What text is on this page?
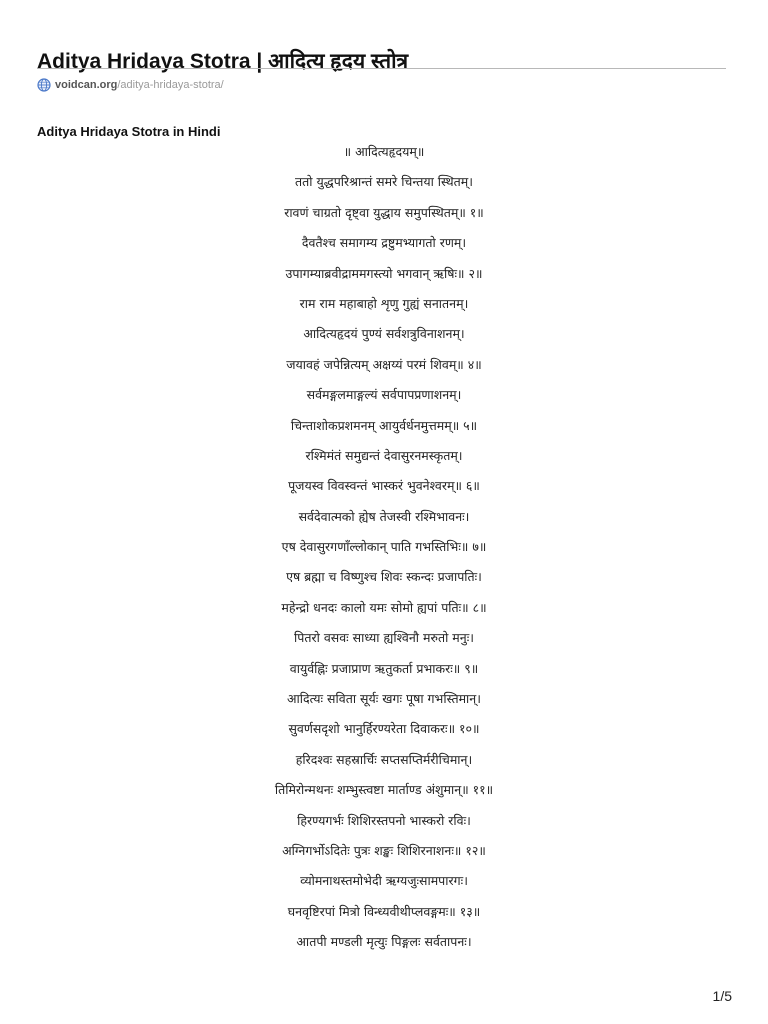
Aditya Hridaya Stotra | आदित्य हृदय स्तोत्र
voidcan.org /aditya-hridaya-stotra/
Aditya Hridaya Stotra in Hindi
॥ आदित्यहृदयम्॥
ततो युद्धपरिश्रान्तं समरे चिन्तया स्थितम्।
रावणं चाग्रतो दृष्ट्वा युद्धाय समुपस्थितम्॥ १॥
दैवतैश्च समागम्य द्रष्टुमभ्यागतो रणम्।
उपागम्याब्रवीद्राममगस्त्यो भगवान् ऋषिः॥ २॥
राम राम महाबाहो शृणु गुह्यं सनातनम्।
आदित्यहृदयं पुण्यं सर्वशत्रुविनाशनम्।
जयावहं जपेन्नित्यम् अक्षय्यं परमं शिवम्॥ ४॥
सर्वमङ्गलमाङ्गल्यं सर्वपापप्रणाशनम्।
चिन्ताशोकप्रशमनम् आयुर्वर्धनमुत्तमम्॥ ५॥
रश्मिमंतं समुद्यन्तं देवासुरनमस्कृतम्।
पूजयस्व विवस्वन्तं भास्करं भुवनेश्वरम्॥ ६॥
सर्वदेवात्मको ह्येष तेजस्वी रश्मिभावनः।
एष देवासुरगणाँल्लोकान् पाति गभस्तिभिः॥ ७॥
एष ब्रह्मा च विष्णुश्च शिवः स्कन्दः प्रजापतिः।
महेन्द्रो धनदः कालो यमः सोमो ह्यपां पतिः॥ ८॥
पितरो वसवः साध्या ह्यश्विनौ मरुतो मनुः।
वायुर्वह्निः प्रजाप्राण ऋतुकर्ता प्रभाकरः॥ ९॥
आदित्यः सविता सूर्यः खगः पूषा गभस्तिमान्।
सुवर्णसदृशो भानुर्हिरण्यरेता दिवाकरः॥ १०॥
हरिदश्वः सहस्रार्चिः सप्तसप्तिर्मरीचिमान्।
तिमिरोन्मथनः शम्भुस्त्वष्टा मार्ताण्ड अंशुमान्॥ ११॥
हिरण्यगर्भः शिशिरस्तपनो भास्करो रविः।
अग्निगर्भोऽदितेः पुत्रः शङ्खः शिशिरनाशनः॥ १२॥
व्योमनाथस्तमोभेदी ऋग्यजुःसामपारगः।
घनवृष्टिरपां मित्रो विन्ध्यवीथीप्लवङ्गमः॥ १३॥
आतपी मण्डली मृत्युः पिङ्गलः सर्वतापनः।
1/5
